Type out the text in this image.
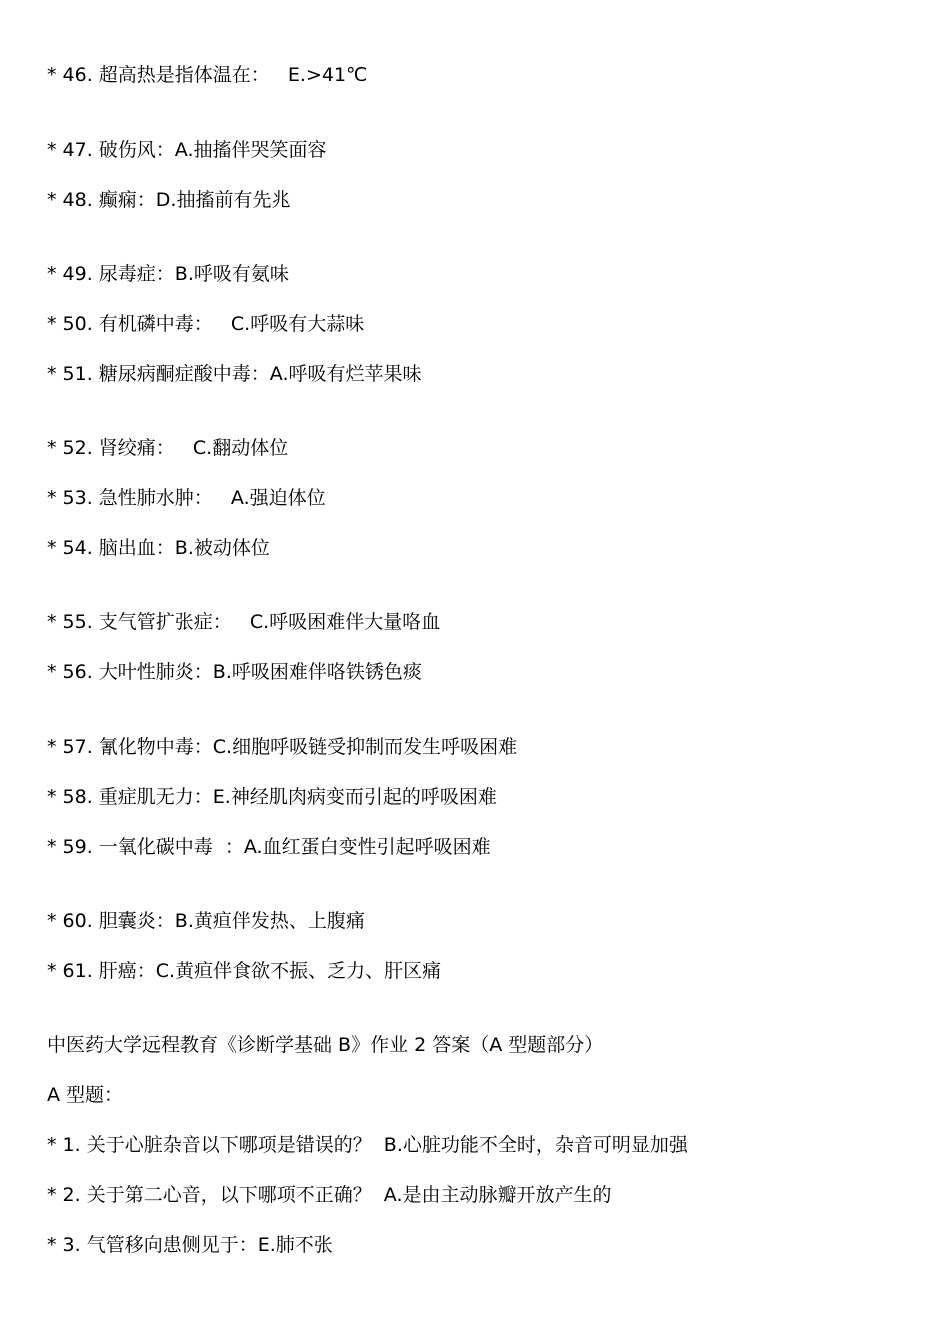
* 46. 超高热是指体温在：   E.>41℃
* 47. 破伤风：A.抽搐伴哭笑面容
* 48. 癫痫：D.抽搐前有先兆
* 49. 尿毒症：B.呼吸有氨味
* 50. 有机磷中毒：   C.呼吸有大蒜味
* 51. 糖尿病酮症酸中毒：A.呼吸有烂苹果味
* 52. 肾绞痛：   C.翻动体位
* 53. 急性肺水肿：   A.强迫体位
* 54. 脑出血：B.被动体位
* 55. 支气管扩张症：   C.呼吸困难伴大量咯血
* 56. 大叶性肺炎：B.呼吸困难伴咯铁锈色痰
* 57. 氰化物中毒：C.细胞呼吸链受抑制而发生呼吸困难
* 58. 重症肌无力：E.神经肌肉病变而引起的呼吸困难
* 59. 一氧化碳中毒  ：A.血红蛋白变性引起呼吸困难
* 60. 胆囊炎：B.黄疸伴发热、上腹痛
* 61. 肝癌：C.黄疸伴食欲不振、乏力、肝区痛
中医药大学远程教育《诊断学基础 B》作业 2 答案（A 型题部分）
A 型题：
* 1. 关于心脏杂音以下哪项是错误的？  B.心脏功能不全时，杂音可明显加强
* 2. 关于第二心音，以下哪项不正确？  A.是由主动脉瓣开放产生的
* 3. 气管移向患侧见于：E.肺不张
